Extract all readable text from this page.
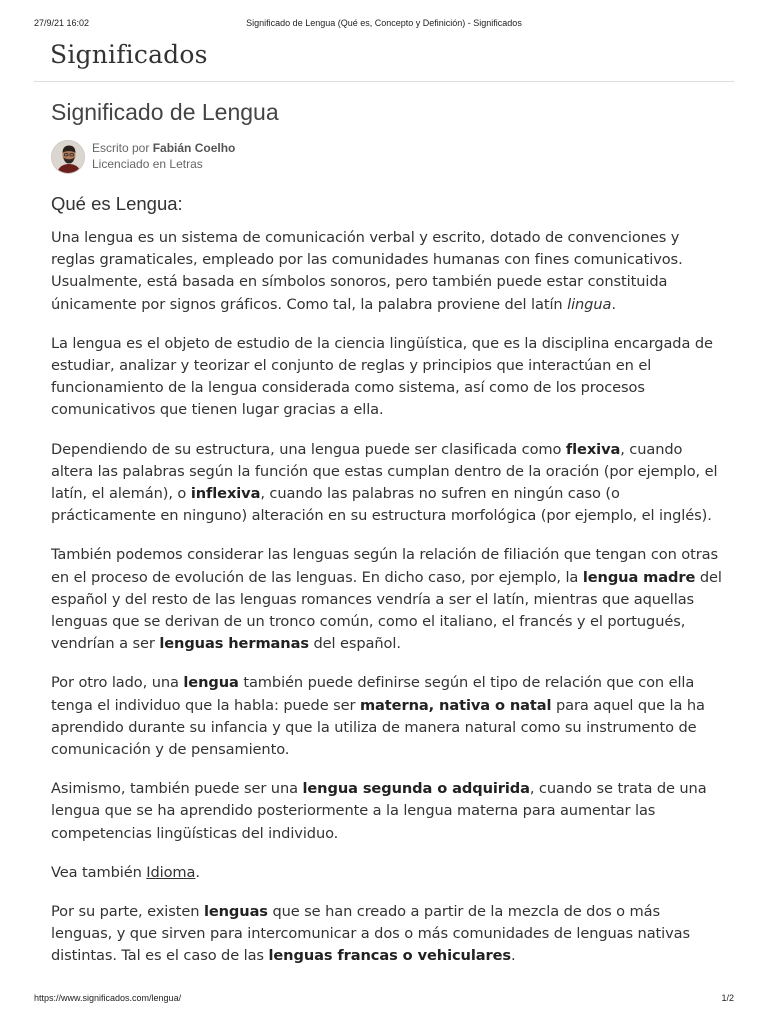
27/9/21 16:02	Significado de Lengua (Qué es, Concepto y Definición) - Significados
Significados
Significado de Lengua
Escrito por Fabián Coelho
Licenciado en Letras
Qué es Lengua:

Una lengua es un sistema de comunicación verbal y escrito, dotado de convenciones y reglas gramaticales, empleado por las comunidades humanas con fines comunicativos. Usualmente, está basada en símbolos sonoros, pero también puede estar constituida únicamente por signos gráficos. Como tal, la palabra proviene del latín lingua.

La lengua es el objeto de estudio de la ciencia lingüística, que es la disciplina encargada de estudiar, analizar y teorizar el conjunto de reglas y principios que interactúan en el funcionamiento de la lengua considerada como sistema, así como de los procesos comunicativos que tienen lugar gracias a ella.

Dependiendo de su estructura, una lengua puede ser clasificada como flexiva, cuando altera las palabras según la función que estas cumplan dentro de la oración (por ejemplo, el latín, el alemán), o inflexiva, cuando las palabras no sufren en ningún caso (o prácticamente en ninguno) alteración en su estructura morfológica (por ejemplo, el inglés).

También podemos considerar las lenguas según la relación de filiación que tengan con otras en el proceso de evolución de las lenguas. En dicho caso, por ejemplo, la lengua madre del español y del resto de las lenguas romances vendría a ser el latín, mientras que aquellas lenguas que se derivan de un tronco común, como el italiano, el francés y el portugués, vendrían a ser lenguas hermanas del español.

Por otro lado, una lengua también puede definirse según el tipo de relación que con ella tenga el individuo que la habla: puede ser materna, nativa o natal para aquel que la ha aprendido durante su infancia y que la utiliza de manera natural como su instrumento de comunicación y de pensamiento.

Asimismo, también puede ser una lengua segunda o adquirida, cuando se trata de una lengua que se ha aprendido posteriormente a la lengua materna para aumentar las competencias lingüísticas del individuo.

Vea también Idioma.

Por su parte, existen lenguas que se han creado a partir de la mezcla de dos o más lenguas, y que sirven para intercomunicar a dos o más comunidades de lenguas nativas distintas. Tal es el caso de las lenguas francas o vehiculares.

https://www.significados.com/lengua/	1/2
